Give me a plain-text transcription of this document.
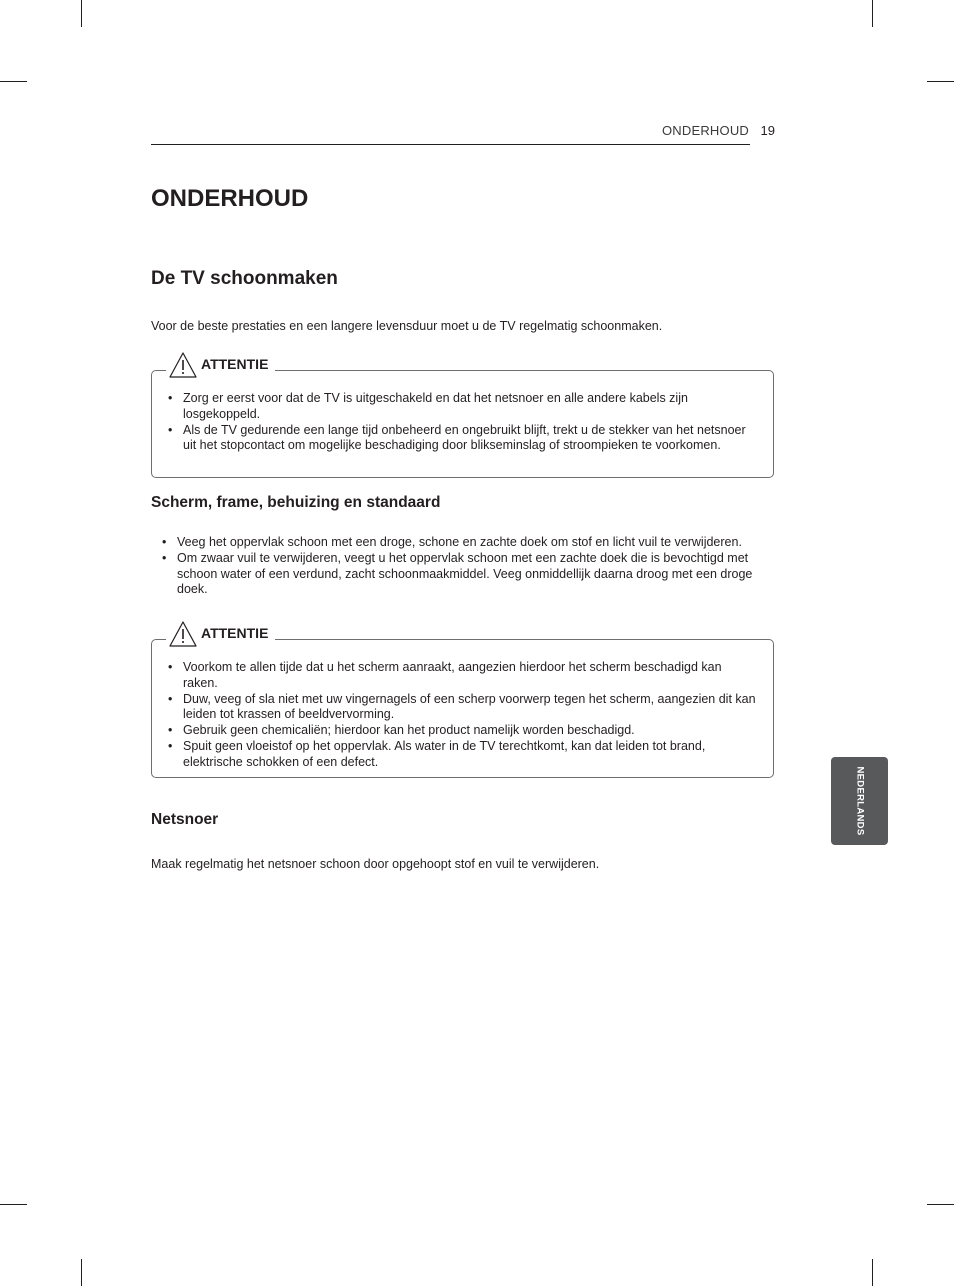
ONDERHOUD 19
ONDERHOUD
De TV schoonmaken

Voor de beste prestaties en een langere levensduur moet u de TV regelmatig schoonmaken.

ATTENTIE
• Zorg er eerst voor dat de TV is uitgeschakeld en dat het netsnoer en alle andere kabels zijn losgekoppeld.
• Als de TV gedurende een lange tijd onbeheerd en ongebruikt blijft, trekt u de stekker van het netsnoer uit het stopcontact om mogelijke beschadiging door blikseminslag of stroompieken te voorkomen.
Scherm, frame, behuizing en standaard
• Veeg het oppervlak schoon met een droge, schone en zachte doek om stof en licht vuil te verwijderen.
• Om zwaar vuil te verwijderen, veegt u het oppervlak schoon met een zachte doek die is bevochtigd met schoon water of een verdund, zacht schoonmaakmiddel. Veeg onmiddellijk daarna droog met een droge doek.
ATTENTIE
• Voorkom te allen tijde dat u het scherm aanraakt, aangezien hierdoor het scherm beschadigd kan raken.
• Duw, veeg of sla niet met uw vingernagels of een scherp voorwerp tegen het scherm, aangezien dit kan leiden tot krassen of beeldvervorming.
• Gebruik geen chemicaliën; hierdoor kan het product namelijk worden beschadigd.
• Spuit geen vloeistof op het oppervlak. Als water in de TV terechtkomt, kan dat leiden tot brand, elektrische schokken of een defect.
Netsnoer

Maak regelmatig het netsnoer schoon door opgehoopt stof en vuil te verwijderen.

NEDERLANDS
